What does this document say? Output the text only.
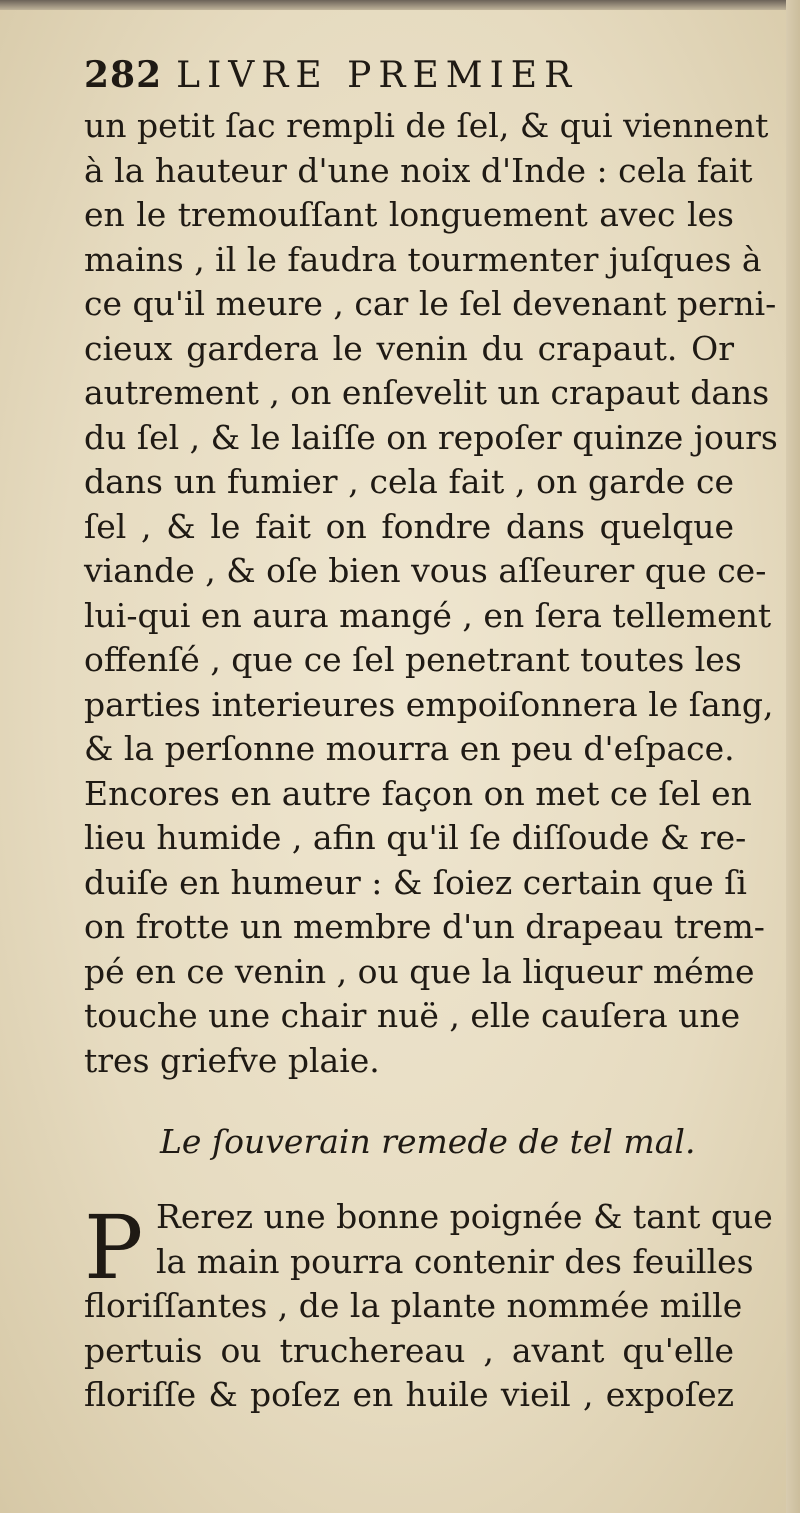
282 LIVRE PREMIER
un petit ſac rempli de ſel, & qui viennent
à la hauteur d'une noix d'Inde : cela fait
en le tremouſſant longuement avec les
mains , il le faudra tourmenter juſques à
ce qu'il meure , car le ſel devenant perni-
cieux gardera le venin du crapaut. Or
autrement , on enſevelit un crapaut dans
du ſel , & le laiſſe on repoſer quinze jours
dans un fumier , cela fait , on garde ce
ſel , & le fait on fondre dans quelque
viande , & oſe bien vous aſſeurer que ce-
lui-qui en aura mangé , en ſera tellement
offenſé , que ce ſel penetrant toutes les
parties interieures empoiſonnera le ſang,
& la perſonne mourra en peu d'eſpace.
Encores en autre façon on met ce ſel en
lieu humide , afin qu'il ſe diſſoude & re-
duiſe en humeur : & ſoiez certain que ſi
on frotte un membre d'un drapeau trem-
pé en ce venin , ou que la liqueur méme
touche une chair nuë , elle cauſera une
tres griefve plaie.
Le ſouverain remede de tel mal.
P Rerez une bonne poignée & tant que
la main pourra contenir des feuilles
floriſſantes , de la plante nommée mille
pertuis ou truchereau , avant qu'elle
floriſſe & poſez en huile vieil , expoſez
